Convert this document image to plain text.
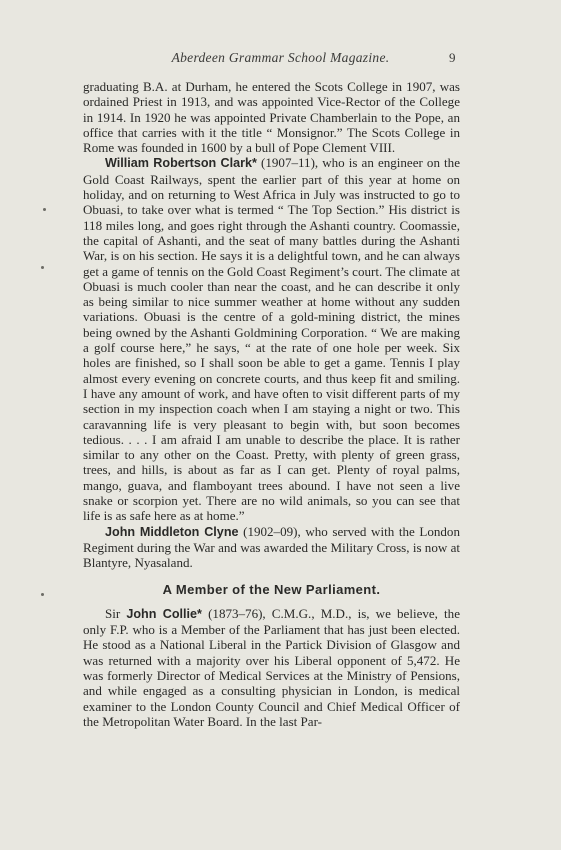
Aberdeen Grammar School Magazine.	9

graduating B.A. at Durham, he entered the Scots College in 1907, was ordained Priest in 1913, and was appointed Vice-Rector of the College in 1914. In 1920 he was appointed Private Chamberlain to the Pope, an office that carries with it the title “ Monsignor.” The Scots College in Rome was founded in 1600 by a bull of Pope Clement VIII.

William Robertson Clark* (1907–11), who is an engineer on the Gold Coast Railways, spent the earlier part of this year at home on holiday, and on returning to West Africa in July was instructed to go to Obuasi, to take over what is termed “ The Top Section.” His district is 118 miles long, and goes right through the Ashanti country. Coomassie, the capital of Ashanti, and the seat of many battles during the Ashanti War, is on his section. He says it is a delightful town, and he can always get a game of tennis on the Gold Coast Regiment’s court. The climate at Obuasi is much cooler than near the coast, and he can describe it only as being similar to nice summer weather at home without any sudden variations. Obuasi is the centre of a gold-mining district, the mines being owned by the Ashanti Goldmining Corporation. “ We are making a golf course here,” he says, “ at the rate of one hole per week. Six holes are finished, so I shall soon be able to get a game. Tennis I play almost every evening on concrete courts, and thus keep fit and smiling. I have any amount of work, and have often to visit different parts of my section in my inspection coach when I am staying a night or two. This caravanning life is very pleasant to begin with, but soon becomes tedious. . . . I am afraid I am unable to describe the place. It is rather similar to any other on the Coast. Pretty, with plenty of green grass, trees, and hills, is about as far as I can get. Plenty of royal palms, mango, guava, and flamboyant trees abound. I have not seen a live snake or scorpion yet. There are no wild animals, so you can see that life is as safe here as at home.”

John Middleton Clyne (1902–09), who served with the London Regiment during the War and was awarded the Military Cross, is now at Blantyre, Nyasaland.

A Member of the New Parliament.

Sir John Collie* (1873–76), C.M.G., M.D., is, we believe, the only F.P. who is a Member of the Parliament that has just been elected. He stood as a National Liberal in the Partick Division of Glasgow and was returned with a majority over his Liberal opponent of 5,472. He was formerly Director of Medical Services at the Ministry of Pensions, and while engaged as a consulting physician in London, is medical examiner to the London County Council and Chief Medical Officer of the Metropolitan Water Board. In the last Par-
